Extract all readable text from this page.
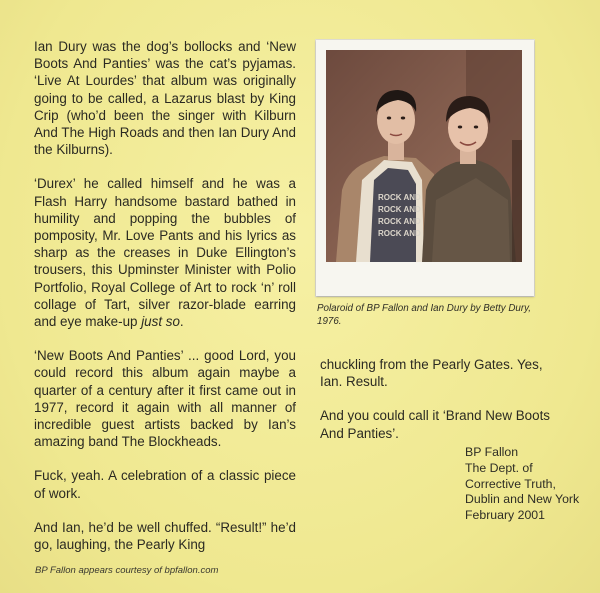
Ian Dury was the dog’s bollocks and ‘New Boots And Panties’ was the cat’s pyjamas. ‘Live At Lourdes’ that album was originally going to be called, a Lazarus blast by King Crip (who’d been the singer with Kilburn And The High Roads and then Ian Dury And the Kilburns).

‘Durex’ he called himself and he was a Flash Harry handsome bastard bathed in humility and popping the bubbles of pomposity, Mr. Love Pants and his lyrics as sharp as the creases in Duke Ellington’s trousers, this Upminster Minister with Polio Portfolio, Royal College of Art to rock ‘n’ roll collage of Tart, silver razor-blade earring and eye make-up just so.

‘New Boots And Panties’ ... good Lord, you could record this album again maybe a quarter of a century after it first came out in 1977, record it again with all manner of incredible guest artists backed by Ian’s amazing band The Blockheads.

Fuck, yeah. A celebration of a classic piece of work.

And Ian, he’d be well chuffed. “Result!” he’d go, laughing, the Pearly King

ROCK AND
ROCK AND
ROCK AND
ROCK AND
Polaroid of BP Fallon and Ian Dury by Betty Dury, 1976.

chuckling from the Pearly Gates. Yes, Ian. Result.

And you could call it ‘Brand New Boots And Panties’.

BP Fallon
The Dept. of
Corrective Truth,
Dublin and New York
February 2001
BP Fallon appears courtesy of bpfallon.com
